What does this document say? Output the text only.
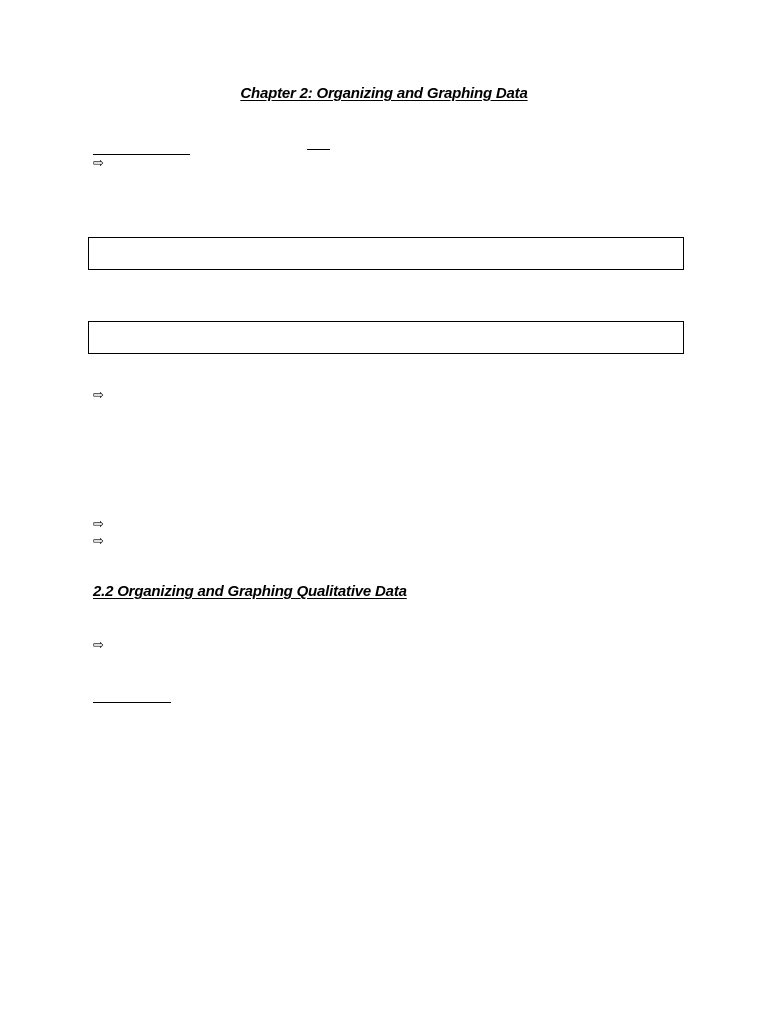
Chapter 2: Organizing and Graphing Data
⇨
⇨
⇨
⇨
2.2 Organizing and Graphing Qualitative Data
⇨
